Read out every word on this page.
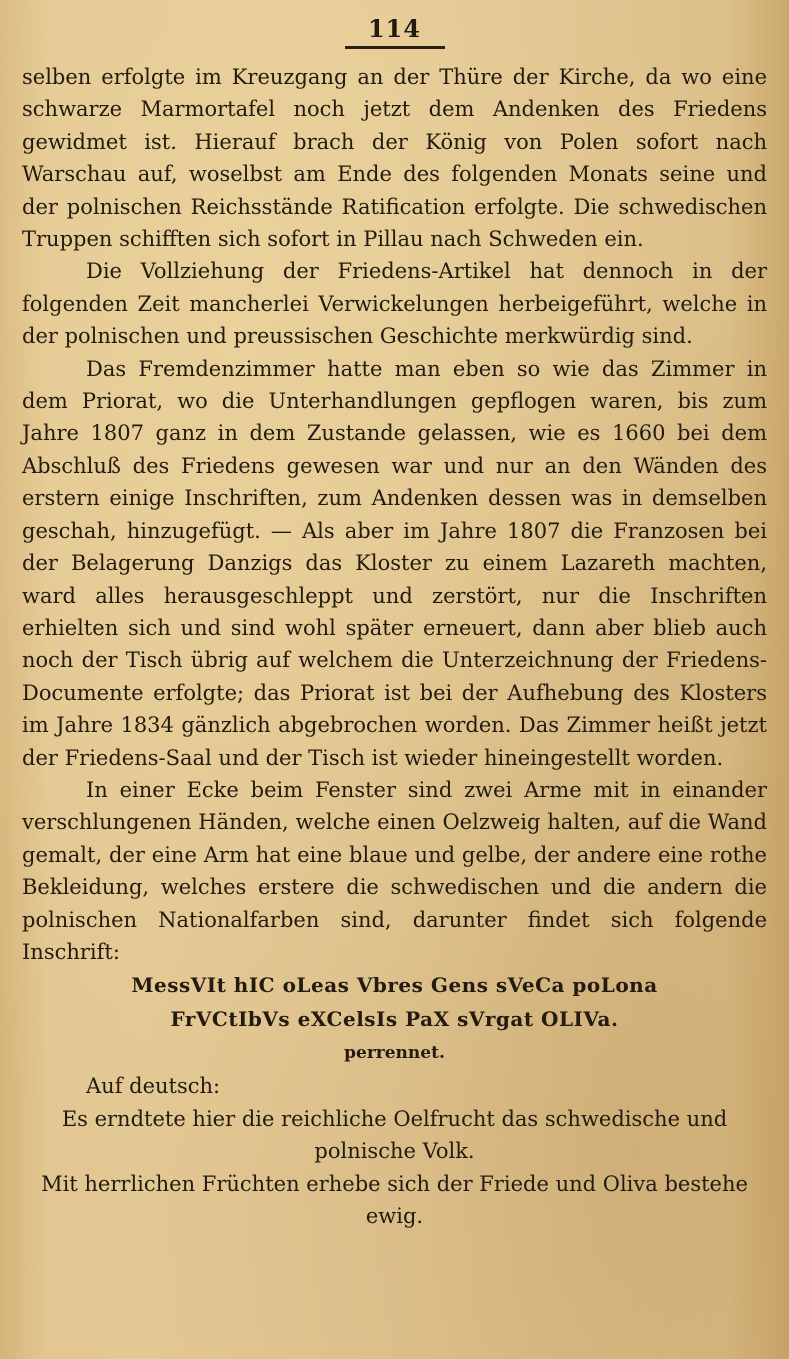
114

selben erfolgte im Kreuzgang an der Thüre der Kirche, da wo eine schwarze Marmortafel noch jetzt dem Andenken des Friedens gewidmet ist. Hierauf brach der König von Polen sofort nach Warschau auf, woselbst am Ende des folgenden Monats seine und der polnischen Reichsstände Ratification erfolgte. Die schwedischen Truppen schifften sich sofort in Pillau nach Schweden ein.

Die Vollziehung der Friedens-Artikel hat dennoch in der folgenden Zeit mancherlei Verwickelungen herbeigeführt, welche in der polnischen und preussischen Geschichte merkwürdig sind.

Das Fremdenzimmer hatte man eben so wie das Zimmer in dem Priorat, wo die Unterhandlungen gepflogen waren, bis zum Jahre 1807 ganz in dem Zustande gelassen, wie es 1660 bei dem Abschluß des Friedens gewesen war und nur an den Wänden des erstern einige Inschriften, zum Andenken dessen was in demselben geschah, hinzugefügt. — Als aber im Jahre 1807 die Franzosen bei der Belagerung Danzigs das Kloster zu einem Lazareth machten, ward alles herausgeschleppt und zerstört, nur die Inschriften erhielten sich und sind wohl später erneuert, dann aber blieb auch noch der Tisch übrig auf welchem die Unterzeichnung der Friedens-Documente erfolgte; das Priorat ist bei der Aufhebung des Klosters im Jahre 1834 gänzlich abgebrochen worden. Das Zimmer heißt jetzt der Friedens-Saal und der Tisch ist wieder hineingestellt worden.

In einer Ecke beim Fenster sind zwei Arme mit in einander verschlungenen Händen, welche einen Oelzweig halten, auf die Wand gemalt, der eine Arm hat eine blaue und gelbe, der andere eine rothe Bekleidung, welches erstere die schwedischen und die andern die polnischen Nationalfarben sind, darunter findet sich folgende Inschrift:

MessVIt hIC oLeas Vbres Gens sVeCa poLona
FrVCtIbVs eXCelsIs PaX sVrgat OLIVa.
perrennet.

Auf deutsch:

Es erndtete hier die reichliche Oelfrucht das schwedische und polnische Volk.
Mit herrlichen Früchten erhebe sich der Friede und Oliva bestehe ewig.
